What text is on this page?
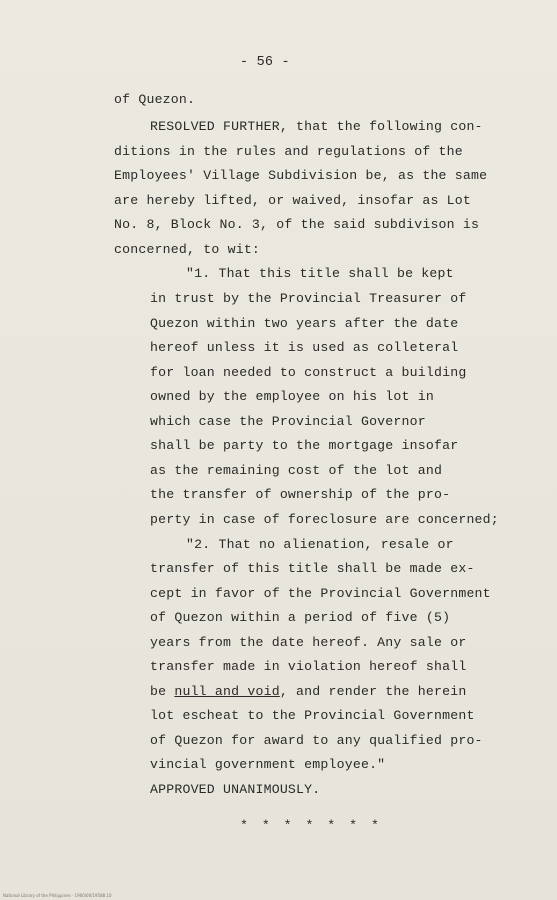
- 56 -
of Quezon.
RESOLVED FURTHER, that the following con-
ditions in the rules and regulations of the
Employees' Village Subdivision be, as the same
are hereby lifted, or waived, insofar as Lot
No. 8, Block No. 3, of the said subdivison is
concerned, to wit:
"1. That this title shall be kept
in trust by the Provincial Treasurer of
Quezon within two years after the date
hereof unless it is used as colleteral
for loan needed to construct a building
owned by the employee on his lot in
which case the Provincial Governor
shall be party to the mortgage insofar
as the remaining cost of the lot and
the transfer of ownership of the pro-
perty in case of foreclosure are concerned;
"2. That no alienation, resale or
transfer of this title shall be made ex-
cept in favor of the Provincial Government
of Quezon within a period of five (5)
years from the date hereof. Any sale or
transfer made in violation hereof shall
be null and void, and render the herein
lot escheat to the Provincial Government
of Quezon for award to any qualified pro-
vincial government employee."
APPROVED UNANIMOUSLY.
* * * * * * *
National Library of the Philippines · 1960/00/19588.10
